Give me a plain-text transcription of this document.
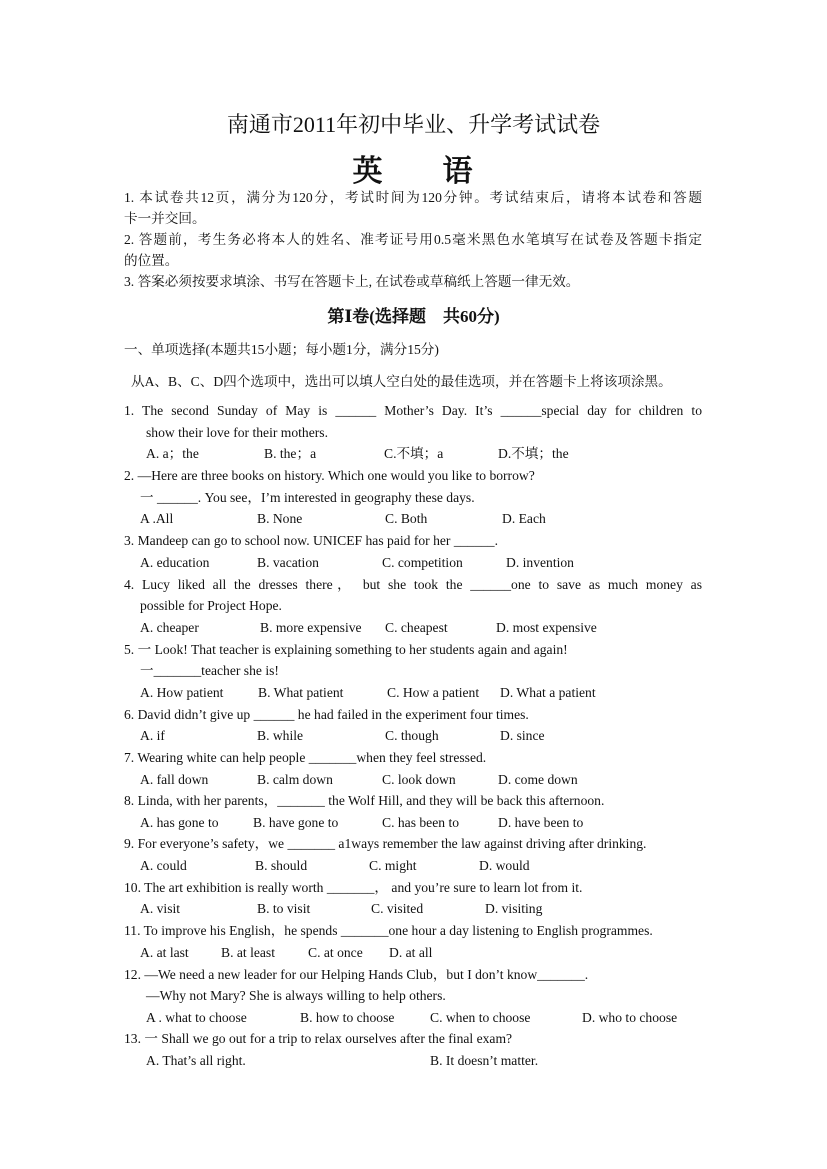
南通市2011年初中毕业、升学考试试卷
英 语
1. 本试卷共12页，满分为120分，考试时间为120分钟。考试结束后，请将本试卷和答题
卡一并交回。
2. 答题前，考生务必将本人的姓名、准考证号用0.5毫米黑色水笔填写在试卷及答题卡指定
的位置。
3. 答案必须按要求填涂、书写在答题卡上, 在试卷或草稿纸上答题一律无效。
第Ⅰ卷(选择题　共60分)
一、单项选择(本题共15小题；每小题1分，满分15分)
从A、B、C、D四个选项中，选出可以填人空白处的最佳选项，并在答题卡上将该项涂黑。
1. The second Sunday of May is ______ Mother’s Day. It’s ______special day for children to
show their love for their mothers.
A. a；the	B. the；a	C.不填；a	D.不填；the
2. —Here are three books on history. Which one would you like to borrow?
一 ______. You see，I’m interested in geography these days.
A .All	B. None	C. Both	D. Each
3. Mandeep can go to school now. UNICEF has paid for her ______.
A. education	B. vacation	C. competition	D. invention
4. Lucy liked all the dresses there， but she took the ______one to save as much money as
possible for Project Hope.
A. cheaper	B. more expensive C. cheapest	D. most expensive
5. 一 Look! That teacher is explaining something to her students again and again!
一_______teacher she is!
A. How patient	B. What patient	C. How a patient D. What a patient
6. David didn’t give up ______ he had failed in the experiment four times.
A. if	B. while	C. though	D. since
7. Wearing white can help people _______when they feel stressed.
A. fall down	B. calm down	C. look down	D. come down
8. Linda, with her parents，_______ the Wolf Hill, and they will be back this afternoon.
A. has gone to	B. have gone to	C. has been to	D. have been to
9. For everyone’s safety，we _______ a1ways remember the law against driving after drinking.
A. could	B. should	C. might	D. would
10. The art exhibition is really worth _______， and you’re sure to learn lot from it.
A. visit	B. to visit	C. visited	D. visiting
11. To improve his English，he spends _______one hour a day listening to English programmes.
A. at last B. at least C. at once D. at all
12. —We need a new leader for our Helping Hands Club，but I don’t know_______.
—Why not Mary? She is always willing to help others.
A . what to choose	B. how to choose	C. when to choose	D. who to choose
13. 一 Shall we go out for a trip to relax ourselves after the final exam?
A. That’s all right.	B. It doesn’t matter.
